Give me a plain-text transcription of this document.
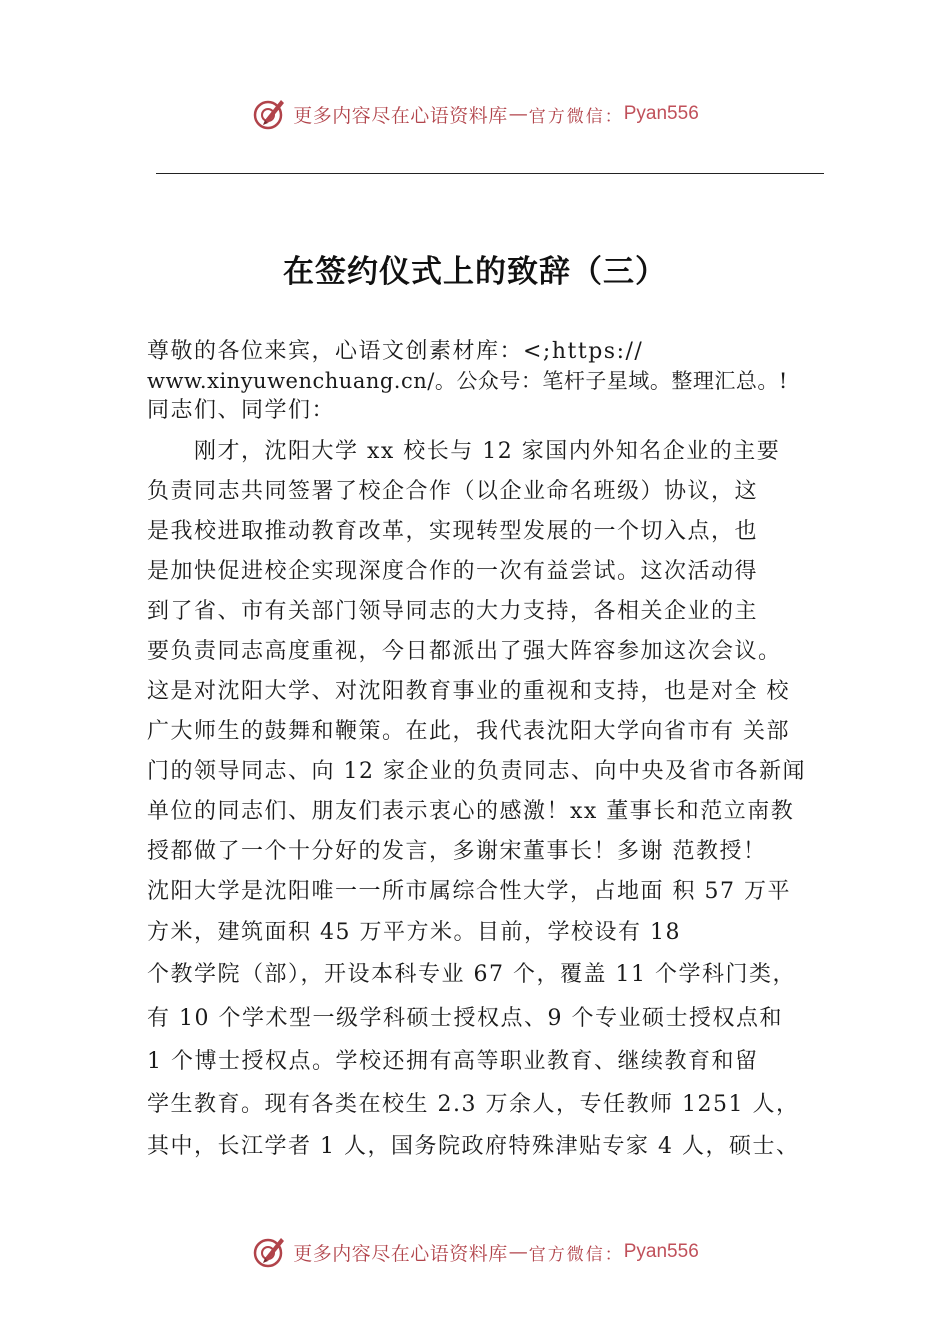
更多内容尽在心语资料库 — 官方微信： Pyan556
在签约仪式上的致辞（三）
尊敬的各位来宾，心语文创素材库：<;https://
www.xinyuwenchuang.cn/。公众号：笔杆子星域。整理汇总。!
同志们、同学们：
　　刚才，沈阳大学 xx 校长与 12 家国内外知名企业的主要
负责同志共同签署了校企合作（以企业命名班级）协议，这
是我校进取推动教育改革，实现转型发展的一个切入点，也
是加快促进校企实现深度合作的一次有益尝试。这次活动得
到了省、市有关部门领导同志的大力支持，各相关企业的主
要负责同志高度重视，今日都派出了强大阵容参加这次会议。
这是对沈阳大学、对沈阳教育事业的重视和支持，也是对全 校
广大师生的鼓舞和鞭策。在此，我代表沈阳大学向省市有 关部
门的领导同志、向 12 家企业的负责同志、向中央及省市各新闻
单位的同志们、朋友们表示衷心的感激！xx 董事长和范立南教
授都做了一个十分好的发言，多谢宋董事长！多谢 范教授！
沈阳大学是沈阳唯一一所市属综合性大学，占地面 积 57 万平
方米，建筑面积 45 万平方米。目前，学校设有 18
个教学院（部），开设本科专业 67 个，覆盖 11 个学科门类，
有 10 个学术型一级学科硕士授权点、9 个专业硕士授权点和
1 个博士授权点。学校还拥有高等职业教育、继续教育和留
学生教育。现有各类在校生 2.3 万余人，专任教师 1251 人，
其中，长江学者 1 人，国务院政府特殊津贴专家 4 人，硕士、
更多内容尽在心语资料库 — 官方微信： Pyan556
